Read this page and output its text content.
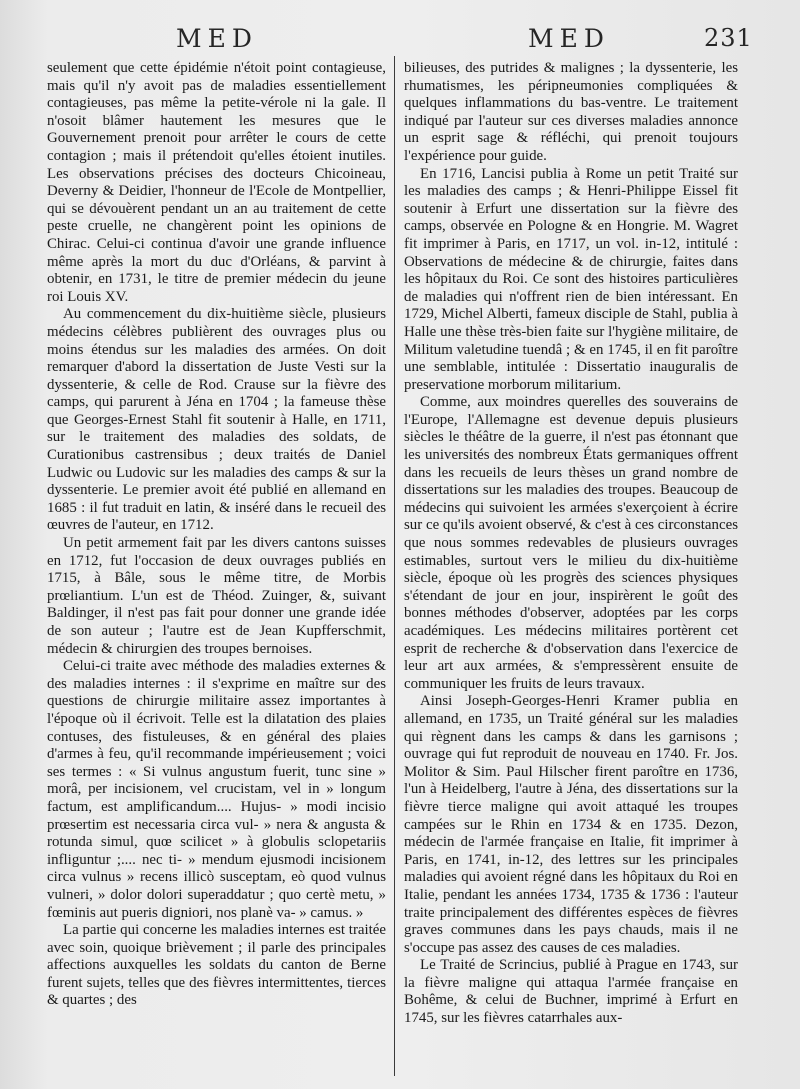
MED	MED	231

seulement que cette épidémie n'étoit point contagieuse, mais qu'il n'y avoit pas de maladies essentiellement contagieuses, pas même la petite-vérole ni la gale. Il n'osoit blâmer hautement les mesures que le Gouvernement prenoit pour arrêter le cours de cette contagion ; mais il prétendoit qu'elles étoient inutiles. Les observations précises des docteurs Chicoineau, Deverny & Deidier, l'honneur de l'Ecole de Montpellier, qui se dévouèrent pendant un an au traitement de cette peste cruelle, ne changèrent point les opinions de Chirac. Celui-ci continua d'avoir une grande influence même après la mort du duc d'Orléans, & parvint à obtenir, en 1731, le titre de premier médecin du jeune roi Louis XV.

Au commencement du dix-huitième siècle, plusieurs médecins célèbres publièrent des ouvrages plus ou moins étendus sur les maladies des armées. On doit remarquer d'abord la dissertation de Juste Vesti sur la dyssenterie, & celle de Rod. Crause sur la fièvre des camps, qui parurent à Jéna en 1704 ; la fameuse thèse que Georges-Ernest Stahl fit soutenir à Halle, en 1711, sur le traitement des maladies des soldats, de Curationibus castrensibus ; deux traités de Daniel Ludwic ou Ludovic sur les maladies des camps & sur la dyssenterie. Le premier avoit été publié en allemand en 1685 : il fut traduit en latin, & inséré dans le recueil des œuvres de l'auteur, en 1712.

Un petit armement fait par les divers cantons suisses en 1712, fut l'occasion de deux ouvrages publiés en 1715, à Bâle, sous le même titre, de Morbis prœliantium. L'un est de Théod. Zuinger, &, suivant Baldinger, il n'est pas fait pour donner une grande idée de son auteur ; l'autre est de Jean Kupfferschmit, médecin & chirurgien des troupes bernoises.

Celui-ci traite avec méthode des maladies externes & des maladies internes : il s'exprime en maître sur des questions de chirurgie militaire assez importantes à l'époque où il écrivoit. Telle est la dilatation des plaies contuses, des fistuleuses, & en général des plaies d'armes à feu, qu'il recommande impérieusement ; voici ses termes : « Si vulnus angustum fuerit, tunc sine » morâ, per incisionem, vel crucistam, vel in » longum factum, est amplificandum.... Hujus- » modi incisio prœsertim est necessaria circa vul- » nera & angusta & rotunda simul, quœ scilicet » à globulis sclopetariis infliguntur ;.... nec ti- » mendum ejusmodi incisionem circa vulnus » recens illicò susceptam, eò quod vulnus vulneri, » dolor dolori superaddatur ; quo certè metu, » fœminis aut pueris digniori, nos planè va- » camus. »

La partie qui concerne les maladies internes est traitée avec soin, quoique brièvement ; il parle des principales affections auxquelles les soldats du canton de Berne furent sujets, telles que des fièvres intermittentes, tierces & quartes ; des

bilieuses, des putrides & malignes ; la dyssenterie, les rhumatismes, les péripneumonies compliquées & quelques inflammations du bas-ventre. Le traitement indiqué par l'auteur sur ces diverses maladies annonce un esprit sage & réfléchi, qui prenoit toujours l'expérience pour guide.

En 1716, Lancisi publia à Rome un petit Traité sur les maladies des camps ; & Henri-Philippe Eissel fit soutenir à Erfurt une dissertation sur la fièvre des camps, observée en Pologne & en Hongrie. M. Wagret fit imprimer à Paris, en 1717, un vol. in-12, intitulé : Observations de médecine & de chirurgie, faites dans les hôpitaux du Roi. Ce sont des histoires particulières de maladies qui n'offrent rien de bien intéressant. En 1729, Michel Alberti, fameux disciple de Stahl, publia à Halle une thèse très-bien faite sur l'hygiène militaire, de Militum valetudine tuendâ ; & en 1745, il en fit paroître une semblable, intitulée : Dissertatio inauguralis de preservatione morborum militarium.

Comme, aux moindres querelles des souverains de l'Europe, l'Allemagne est devenue depuis plusieurs siècles le théâtre de la guerre, il n'est pas étonnant que les universités des nombreux États germaniques offrent dans les recueils de leurs thèses un grand nombre de dissertations sur les maladies des troupes. Beaucoup de médecins qui suivoient les armées s'exerçoient à écrire sur ce qu'ils avoient observé, & c'est à ces circonstances que nous sommes redevables de plusieurs ouvrages estimables, surtout vers le milieu du dix-huitième siècle, époque où les progrès des sciences physiques s'étendant de jour en jour, inspirèrent le goût des bonnes méthodes d'observer, adoptées par les corps académiques. Les médecins militaires portèrent cet esprit de recherche & d'observation dans l'exercice de leur art aux armées, & s'empressèrent ensuite de communiquer les fruits de leurs travaux.

Ainsi Joseph-Georges-Henri Kramer publia en allemand, en 1735, un Traité général sur les maladies qui règnent dans les camps & dans les garnisons ; ouvrage qui fut reproduit de nouveau en 1740. Fr. Jos. Molitor & Sim. Paul Hilscher firent paroître en 1736, l'un à Heidelberg, l'autre à Jéna, des dissertations sur la fièvre tierce maligne qui avoit attaqué les troupes campées sur le Rhin en 1734 & en 1735. Dezon, médecin de l'armée française en Italie, fit imprimer à Paris, en 1741, in-12, des lettres sur les principales maladies qui avoient régné dans les hôpitaux du Roi en Italie, pendant les années 1734, 1735 & 1736 : l'auteur traite principalement des différentes espèces de fièvres graves communes dans les pays chauds, mais il ne s'occupe pas assez des causes de ces maladies.

Le Traité de Scrincius, publié à Prague en 1743, sur la fièvre maligne qui attaqua l'armée française en Bohême, & celui de Buchner, imprimé à Erfurt en 1745, sur les fièvres catarrhales aux-
